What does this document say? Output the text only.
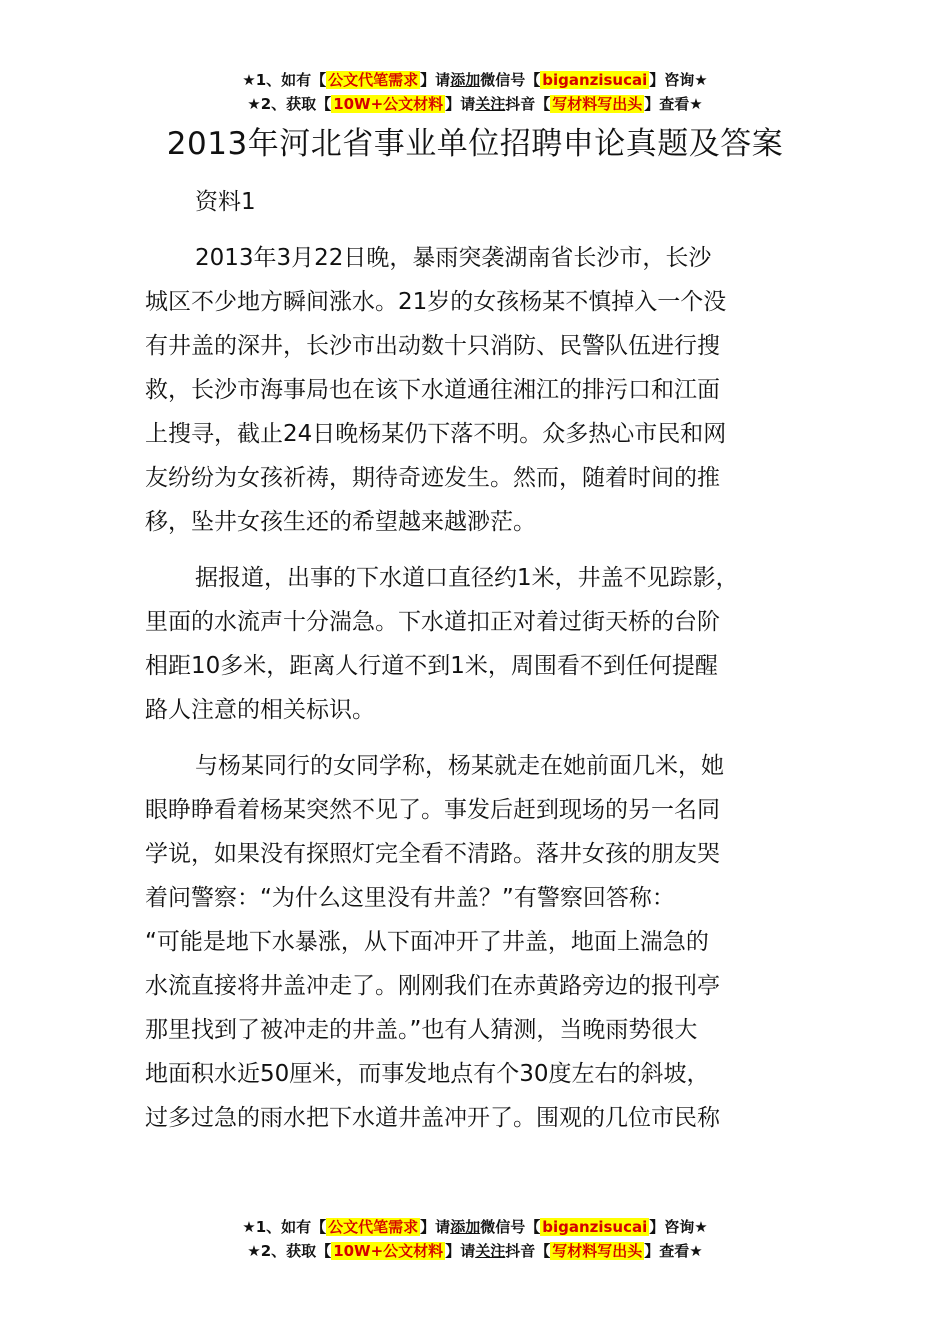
★1、如有【 公文代笔需求 】请添加微信号【 biganzisucai 】咨询★
★2、获取【 10W+公文材料 】请关注抖音【 写材料写出头 】查看★
2013年河北省事业单位招聘申论真题及答案
资料1
2013年3月22日晚，暴雨突袭湖南省长沙市，长沙
城区不少地方瞬间涨水。21岁的女孩杨某不慎掉入一个没
有井盖的深井，长沙市出动数十只消防、民警队伍进行搜
救，长沙市海事局也在该下水道通往湘江的排污口和江面
上搜寻，截止24日晚杨某仍下落不明。众多热心市民和网
友纷纷为女孩祈祷，期待奇迹发生。然而，随着时间的推
移，坠井女孩生还的希望越来越渺茫。
据报道，出事的下水道口直径约1米，井盖不见踪影，
里面的水流声十分湍急。下水道扣正对着过街天桥的台阶
相距10多米，距离人行道不到1米，周围看不到任何提醒
路人注意的相关标识。
与杨某同行的女同学称，杨某就走在她前面几米，她
眼睁睁看着杨某突然不见了。事发后赶到现场的另一名同
学说，如果没有探照灯完全看不清路。落井女孩的朋友哭
着问警察：“为什么这里没有井盖？”有警察回答称：
“可能是地下水暴涨，从下面冲开了井盖，地面上湍急的
水流直接将井盖冲走了。刚刚我们在赤黄路旁边的报刊亭
那里找到了被冲走的井盖。”也有人猜测，当晚雨势很大
地面积水近50厘米，而事发地点有个30度左右的斜坡，
过多过急的雨水把下水道井盖冲开了。围观的几位市民称
★1、如有【 公文代笔需求 】请添加微信号【 biganzisucai 】咨询★
★2、获取【 10W+公文材料 】请关注抖音【 写材料写出头 】查看★
